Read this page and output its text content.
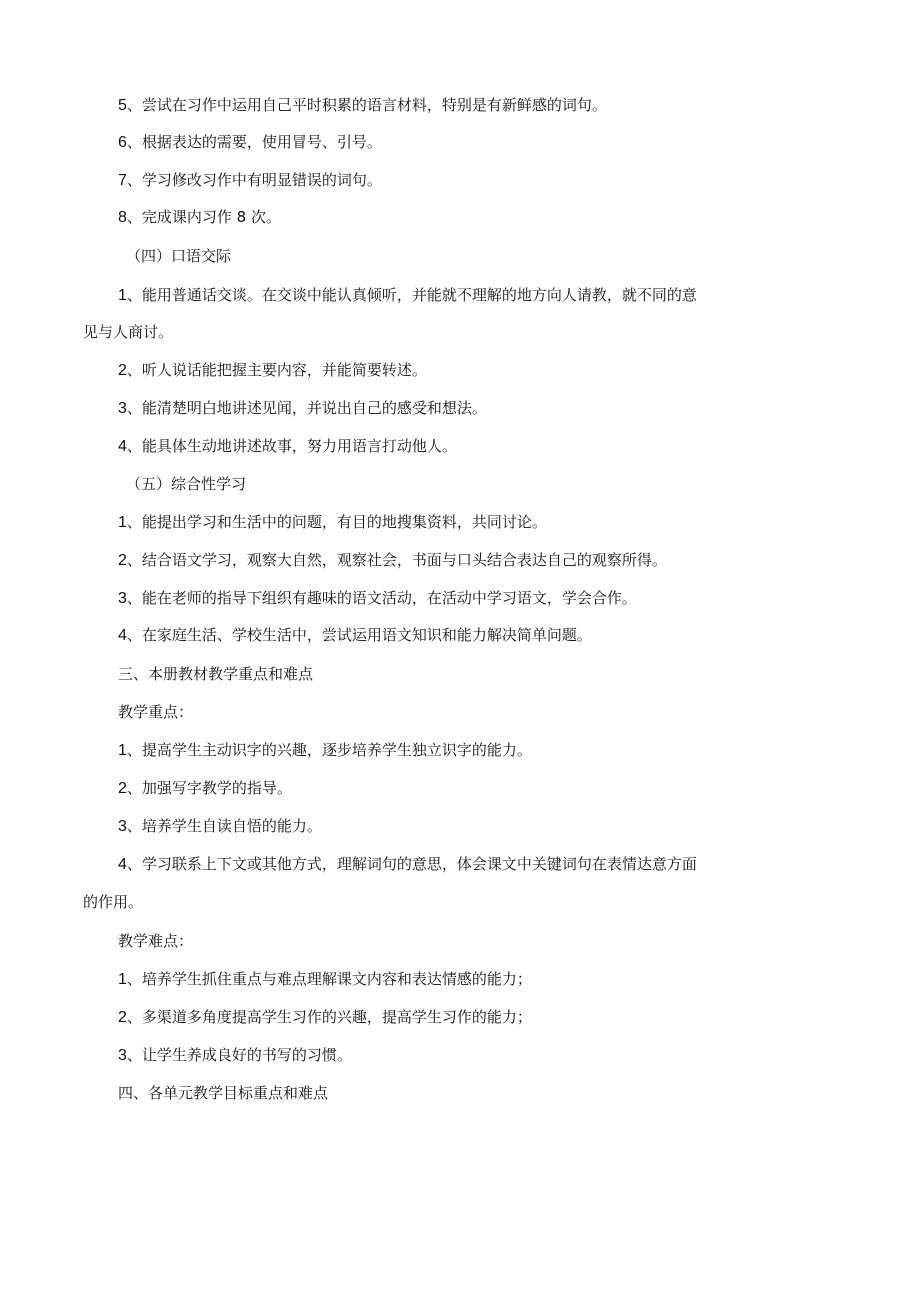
5、尝试在习作中运用自己平时积累的语言材料，特别是有新鲜感的词句。
6、根据表达的需要，使用冒号、引号。
7、学习修改习作中有明显错误的词句。
8、完成课内习作 8 次。
（四）口语交际
1、能用普通话交谈。在交谈中能认真倾听，并能就不理解的地方向人请教，就不同的意
见与人商讨。
2、听人说话能把握主要内容，并能简要转述。
3、能清楚明白地讲述见闻，并说出自己的感受和想法。
4、能具体生动地讲述故事，努力用语言打动他人。
（五）综合性学习
1、能提出学习和生活中的问题，有目的地搜集资料，共同讨论。
2、结合语文学习，观察大自然，观察社会，书面与口头结合表达自己的观察所得。
3、能在老师的指导下组织有趣味的语文活动，在活动中学习语文，学会合作。
4、在家庭生活、学校生活中，尝试运用语文知识和能力解决简单问题。
三、本册教材教学重点和难点
教学重点：
1、提高学生主动识字的兴趣，逐步培养学生独立识字的能力。
2、加强写字教学的指导。
3、培养学生自读自悟的能力。
4、学习联系上下文或其他方式，理解词句的意思，体会课文中关键词句在表情达意方面
的作用。
教学难点：
1、培养学生抓住重点与难点理解课文内容和表达情感的能力；
2、多渠道多角度提高学生习作的兴趣，提高学生习作的能力；
3、让学生养成良好的书写的习惯。
四、各单元教学目标重点和难点
